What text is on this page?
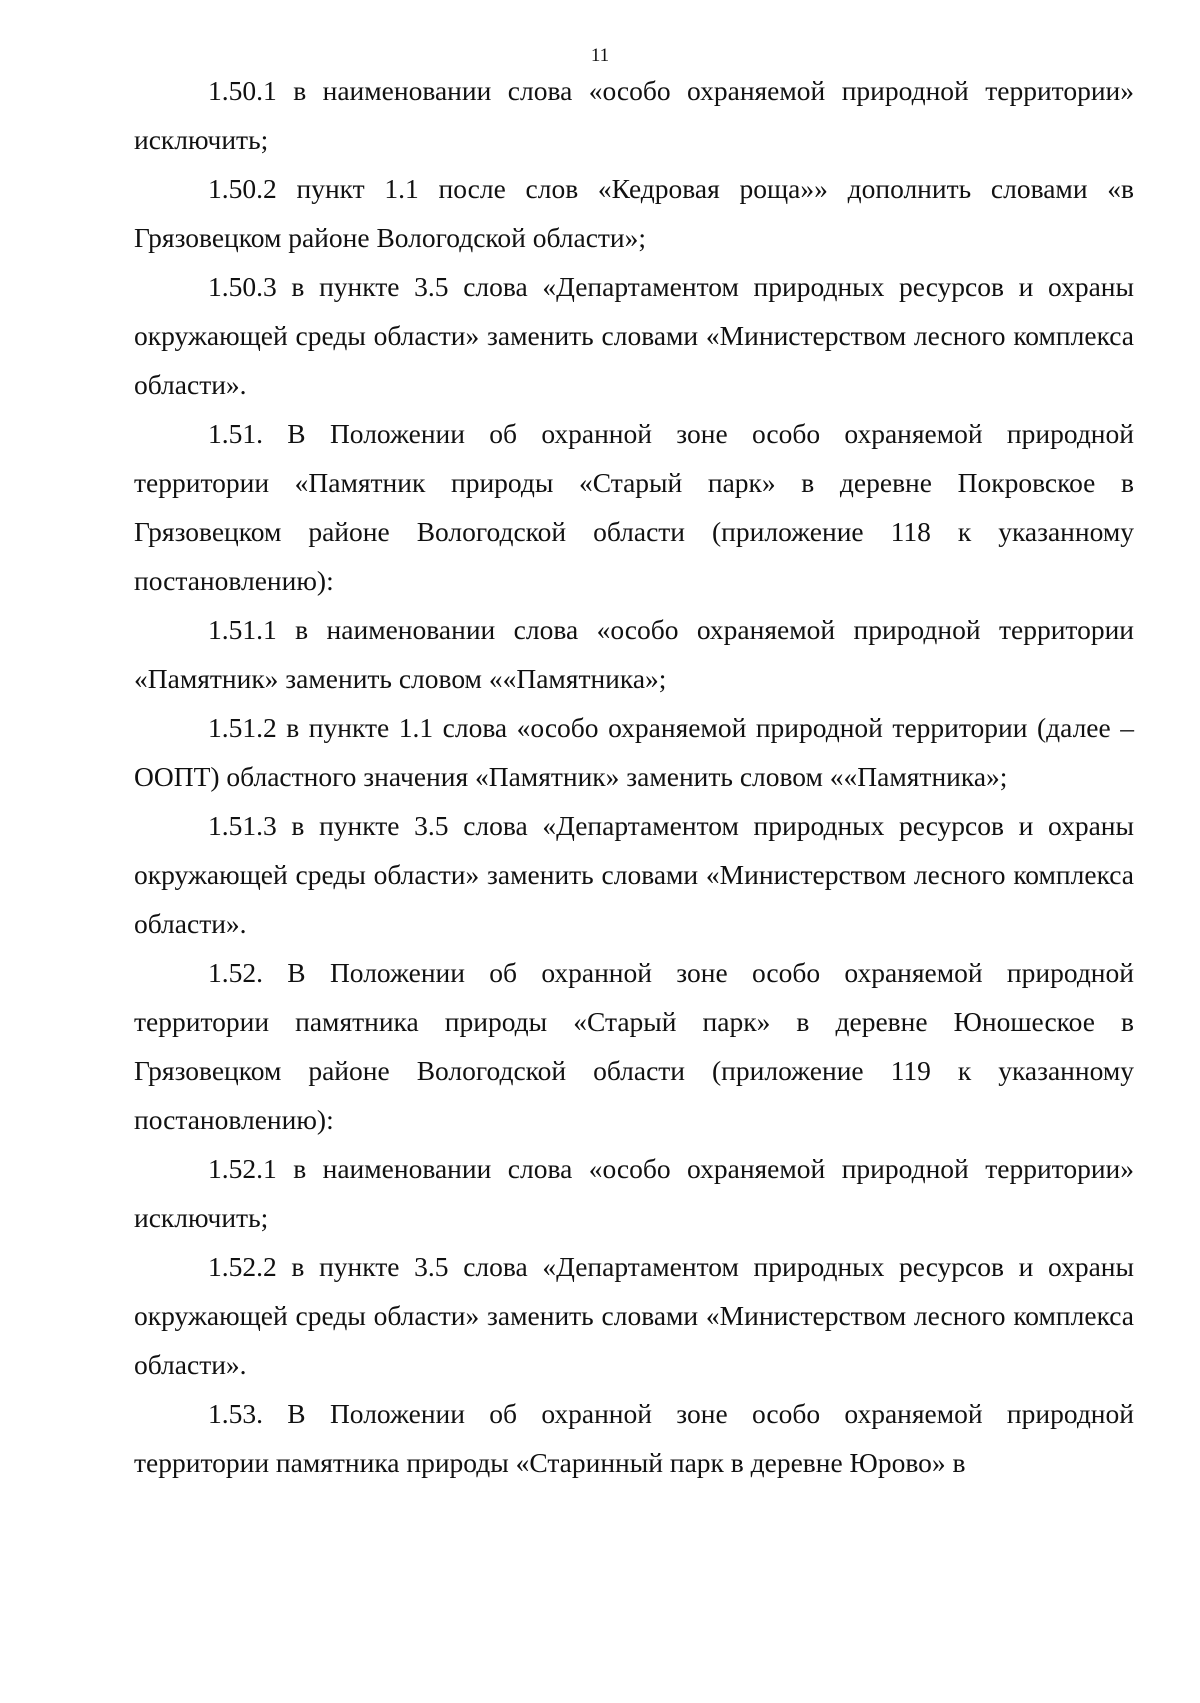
11

1.50.1 в наименовании слова «особо охраняемой природной территории» исключить;

1.50.2 пункт 1.1 после слов «Кедровая роща»» дополнить словами «в Грязовецком районе Вологодской области»;

1.50.3 в пункте 3.5 слова «Департаментом природных ресурсов и охраны окружающей среды области» заменить словами «Министерством лесного комплекса области».

1.51. В Положении об охранной зоне особо охраняемой природной территории «Памятник природы «Старый парк» в деревне Покровское в Грязовецком районе Вологодской области (приложение 118 к указанному постановлению):

1.51.1 в наименовании слова «особо охраняемой природной территории «Памятник» заменить словом ««Памятника»;

1.51.2 в пункте 1.1 слова «особо охраняемой природной территории (далее – ООПТ) областного значения «Памятник» заменить словом ««Памятника»;

1.51.3 в пункте 3.5 слова «Департаментом природных ресурсов и охраны окружающей среды области» заменить словами «Министерством лесного комплекса области».

1.52. В Положении об охранной зоне особо охраняемой природной территории памятника природы «Старый парк» в деревне Юношеское в Грязовецком районе Вологодской области (приложение 119 к указанному постановлению):

1.52.1 в наименовании слова «особо охраняемой природной территории» исключить;

1.52.2 в пункте 3.5 слова «Департаментом природных ресурсов и охраны окружающей среды области» заменить словами «Министерством лесного комплекса области».

1.53. В Положении об охранной зоне особо охраняемой природной территории памятника природы «Старинный парк в деревне Юрово» в
